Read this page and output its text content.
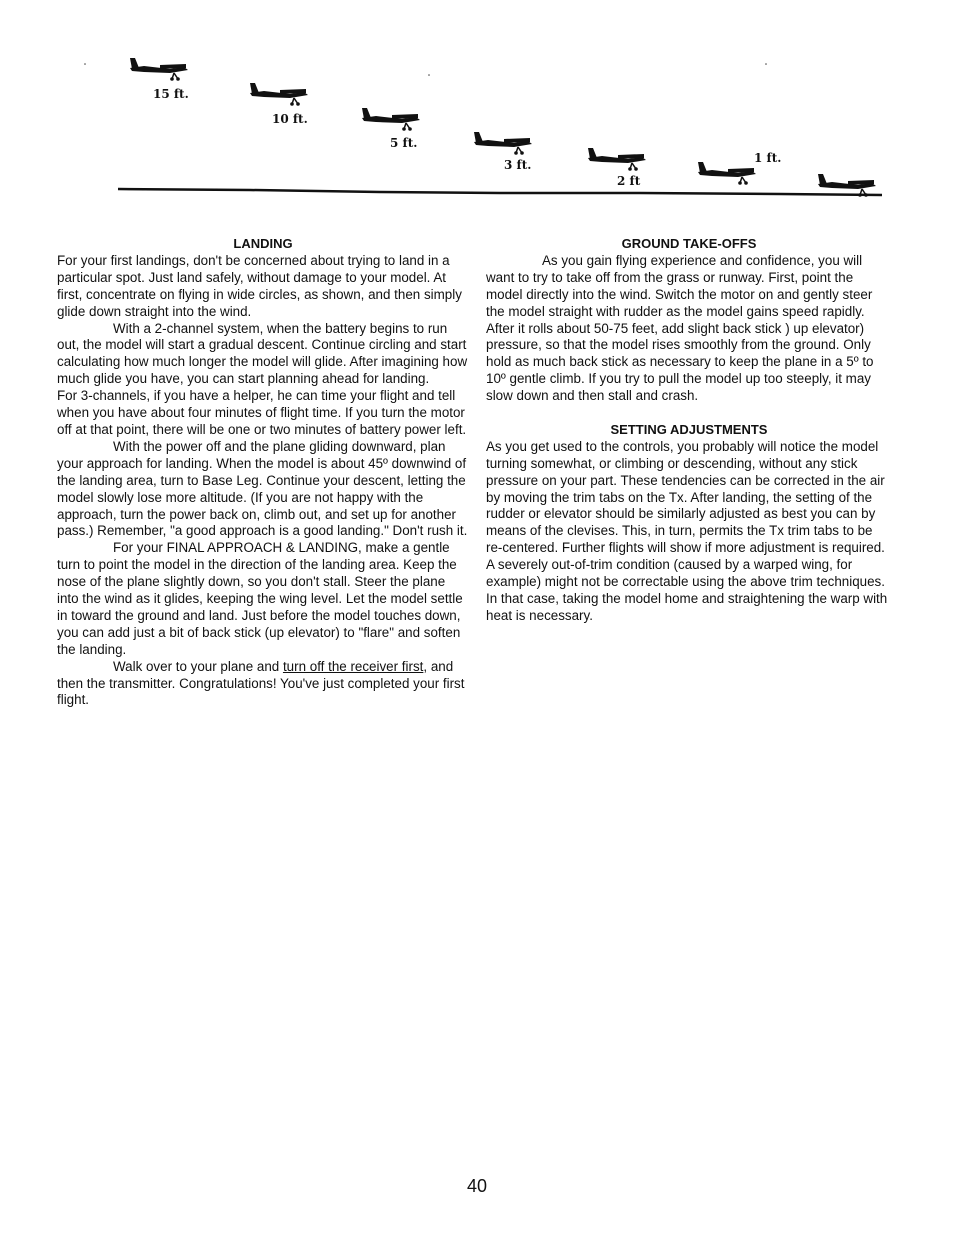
15 ft.
10 ft.
5 ft.
3 ft.
2 ft
1 ft.
LANDING

For your first landings, don't be concerned about trying to land in a particular spot. Just land safely, without damage to your model. At first, concentrate on flying in wide circles, as shown, and then simply glide down straight into the wind.

With a 2-channel system, when the battery begins to run out, the model will start a gradual descent. Continue circling and start calculating how much longer the model will glide. After imagining how much glide you have, you can start planning ahead for landing.

For 3-channels, if you have a helper, he can time your flight and tell when you have about four minutes of flight time. If you turn the motor off at that point, there will be one or two minutes of battery power left.

With the power off and the plane gliding downward, plan your approach for landing. When the model is about 45º downwind of the landing area, turn to Base Leg. Continue your descent, letting the model slowly lose more altitude. (If you are not happy with the approach, turn the power back on, climb out, and set up for another pass.) Remember, "a good approach is a good landing." Don't rush it.

For your FINAL APPROACH & LANDING, make a gentle turn to point the model in the direction of the landing area. Keep the nose of the plane slightly down, so you don't stall. Steer the plane into the wind as it glides, keeping the wing level. Let the model settle in toward the ground and land. Just before the model touches down, you can add just a bit of back stick (up elevator) to "flare" and soften the landing.

Walk over to your plane and turn off the receiver first, and then the transmitter. Congratulations! You've just completed your first flight.

GROUND TAKE-OFFS

As you gain flying experience and confidence, you will want to try to take off from the grass or runway. First, point the model directly into the wind. Switch the motor on and gently steer the model straight with rudder as the model gains speed rapidly. After it rolls about 50-75 feet, add slight back stick ) up elevator) pressure, so that the model rises smoothly from the ground. Only hold as much back stick as necessary to keep the plane in a 5º to 10º gentle climb. If you try to pull the model up too steeply, it may slow down and then stall and crash.

SETTING ADJUSTMENTS

As you get used to the controls, you probably will notice the model turning somewhat, or climbing or descending, without any stick pressure on your part. These tendencies can be corrected in the air by moving the trim tabs on the Tx. After landing, the setting of the rudder or elevator should be similarly adjusted as best you can by means of the clevises. This, in turn, permits the Tx trim tabs to be re-centered. Further flights will show if more adjustment is required. A severely out-of-trim condition (caused by a warped wing, for example) might not be correctable using the above trim techniques. In that case, taking the model home and straightening the warp with heat is necessary.

40
